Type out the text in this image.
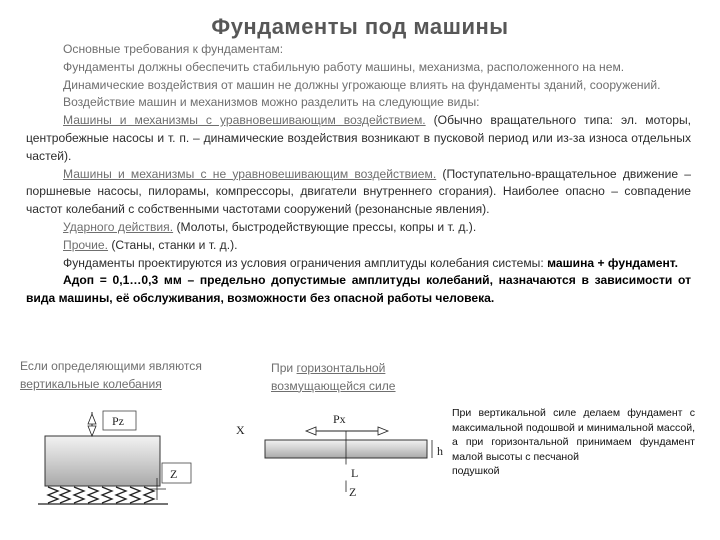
Фундаменты под машины

Основные требования к фундаментам:

Фундаменты должны обеспечить стабильную работу машины, механизма, расположенного на нем.

Динамические воздействия от машин не должны угрожающе влиять на фундаменты зданий, сооружений.

Воздействие машин и механизмов можно разделить на следующие виды:

Машины и механизмы с уравновешивающим воздействием. (Обычно вращательного типа: эл. моторы, центробежные насосы и т. п. – динамические воздействия возникают в пусковой период или из-за износа отдельных частей).

Машины и механизмы с не уравновешивающим воздействием. (Поступательно-вращательное движение – поршневые насосы, пилорамы, компрессоры, двигатели внутреннего сгорания). Наиболее опасно – совпадение частот колебаний с собственными частотами сооружений (резонансные явления).

Ударного действия. (Молоты, быстродействующие прессы, копры и т. д.).

Прочие. (Станы, станки и т. д.).

Фундаменты проектируются из условия ограничения амплитуды колебания системы: машина + фундамент.

Адоп = 0,1…0,3 мм – предельно допустимые амплитуды колебаний, назначаются в зависимости от вида машины, её обслуживания, возможности без опасной работы человека.

Если определяющими являются
вертикальные колебания
При горизонтальной
возмущающейся силе
При вертикальной силе делаем фундамент с максимальной подошвой и минимальной массой, а при горизонтальной принимаем фундамент малой высоты с песчаной
подушкой
Pz
Z
X
Px
h
L
Z
